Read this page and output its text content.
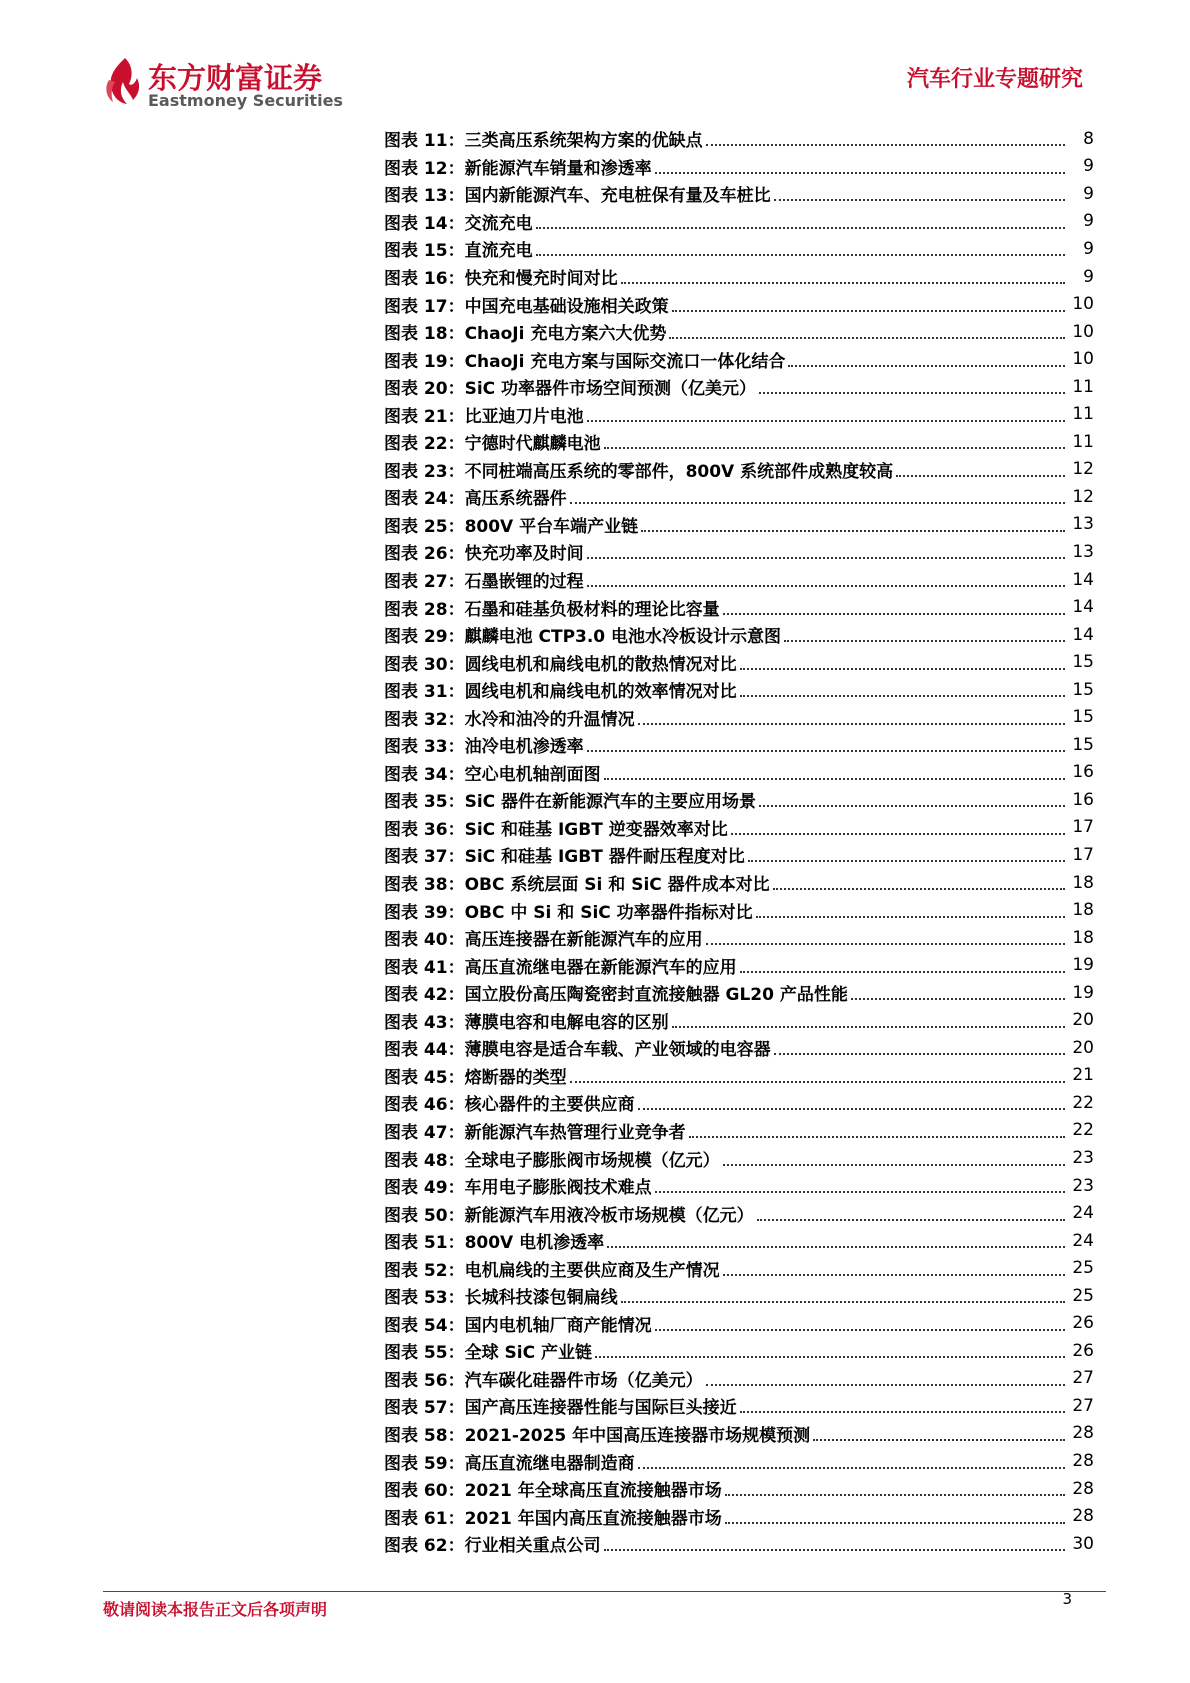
东方财富证券
Eastmoney Securities
汽车行业专题研究
图表 11：三类高压系统架构方案的优缺点	8
图表 12：新能源汽车销量和渗透率	9
图表 13：国内新能源汽车、充电桩保有量及车桩比	9
图表 14：交流充电	9
图表 15：直流充电	9
图表 16：快充和慢充时间对比	9
图表 17：中国充电基础设施相关政策	10
图表 18：ChaoJi 充电方案六大优势	10
图表 19：ChaoJi 充电方案与国际交流口一体化结合	10
图表 20：SiC 功率器件市场空间预测（亿美元）	11
图表 21：比亚迪刀片电池	11
图表 22：宁德时代麒麟电池	11
图表 23：不同桩端高压系统的零部件，800V 系统部件成熟度较高	12
图表 24：高压系统器件	12
图表 25：800V 平台车端产业链	13
图表 26：快充功率及时间	13
图表 27：石墨嵌锂的过程	14
图表 28：石墨和硅基负极材料的理论比容量	14
图表 29：麒麟电池 CTP3.0 电池水冷板设计示意图	14
图表 30：圆线电机和扁线电机的散热情况对比	15
图表 31：圆线电机和扁线电机的效率情况对比	15
图表 32：水冷和油冷的升温情况	15
图表 33：油冷电机渗透率	15
图表 34：空心电机轴剖面图	16
图表 35：SiC 器件在新能源汽车的主要应用场景	16
图表 36：SiC 和硅基 IGBT 逆变器效率对比	17
图表 37：SiC 和硅基 IGBT 器件耐压程度对比	17
图表 38：OBC 系统层面 Si 和 SiC 器件成本对比	18
图表 39：OBC 中 Si 和 SiC 功率器件指标对比	18
图表 40：高压连接器在新能源汽车的应用	18
图表 41：高压直流继电器在新能源汽车的应用	19
图表 42：国立股份高压陶瓷密封直流接触器 GL20 产品性能	19
图表 43：薄膜电容和电解电容的区别	20
图表 44：薄膜电容是适合车载、产业领域的电容器	20
图表 45：熔断器的类型	21
图表 46：核心器件的主要供应商	22
图表 47：新能源汽车热管理行业竞争者	22
图表 48：全球电子膨胀阀市场规模（亿元）	23
图表 49：车用电子膨胀阀技术难点	23
图表 50：新能源汽车用液冷板市场规模（亿元）	24
图表 51：800V 电机渗透率	24
图表 52：电机扁线的主要供应商及生产情况	25
图表 53：长城科技漆包铜扁线	25
图表 54：国内电机轴厂商产能情况	26
图表 55：全球 SiC 产业链	26
图表 56：汽车碳化硅器件市场（亿美元）	27
图表 57：国产高压连接器性能与国际巨头接近	27
图表 58：2021-2025 年中国高压连接器市场规模预测	28
图表 59：高压直流继电器制造商	28
图表 60：2021 年全球高压直流接触器市场	28
图表 61：2021 年国内高压直流接触器市场	28
图表 62：行业相关重点公司	30
敬请阅读本报告正文后各项声明
3
